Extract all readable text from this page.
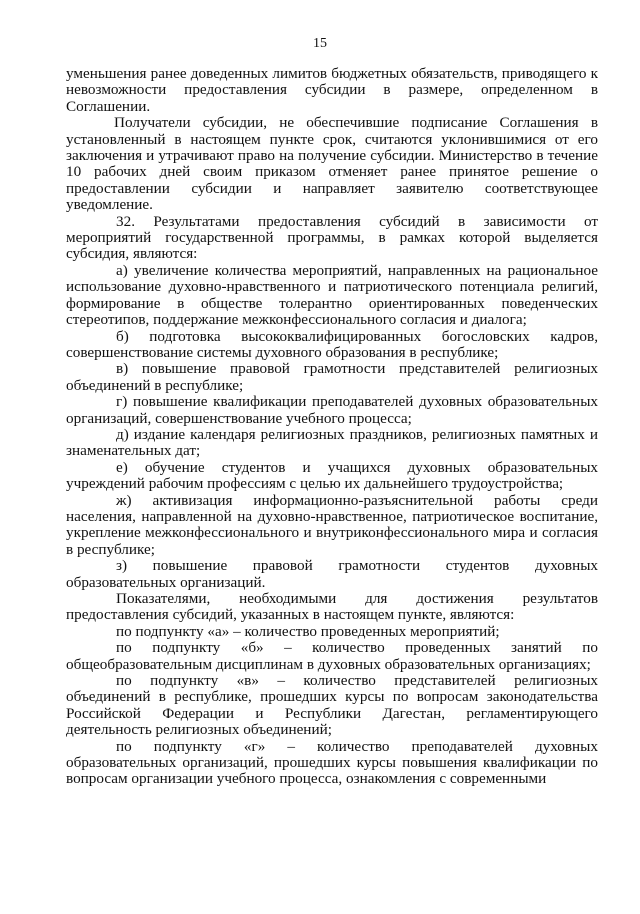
15

уменьшения ранее доведенных лимитов бюджетных обязательств, приводящего к невозможности предоставления субсидии в размере, определенном в Соглашении.

Получатели субсидии, не обеспечившие подписание Соглашения в установленный в настоящем пункте срок, считаются уклонившимися от его заключения и утрачивают право на получение субсидии. Министерство в течение 10 рабочих дней своим приказом отменяет ранее принятое решение о предоставлении субсидии и направляет заявителю соответствующее уведомление.

32. Результатами предоставления субсидий в зависимости от мероприятий государственной программы, в рамках которой выделяется субсидия, являются:

а) увеличение количества мероприятий, направленных на рациональное использование духовно-нравственного и патриотического потенциала религий, формирование в обществе толерантно ориентированных поведенческих стереотипов, поддержание межконфессионального согласия и диалога;

б) подготовка высококвалифицированных богословских кадров, совершенствование системы духовного образования в республике;

в) повышение правовой грамотности представителей религиозных объединений в республике;

г) повышение квалификации преподавателей духовных образовательных организаций, совершенствование учебного процесса;

д) издание календаря религиозных праздников, религиозных памятных и знаменательных дат;

е) обучение студентов и учащихся духовных образовательных учреждений рабочим профессиям с целью их дальнейшего трудоустройства;

ж) активизация информационно-разъяснительной работы среди населения, направленной на духовно-нравственное, патриотическое воспитание, укрепление межконфессионального и внутриконфессионального мира и согласия в республике;

з) повышение правовой грамотности студентов духовных образовательных организаций.

Показателями, необходимыми для достижения результатов предоставления субсидий, указанных в настоящем пункте, являются:

по подпункту «а» – количество проведенных мероприятий;

по подпункту «б» – количество проведенных занятий по общеобразовательным дисциплинам в духовных образовательных организациях;

по подпункту «в» – количество представителей религиозных объединений в республике, прошедших курсы по вопросам законодательства Российской Федерации и Республики Дагестан, регламентирующего деятельность религиозных объединений;

по подпункту «г» – количество преподавателей духовных образовательных организаций, прошедших курсы повышения квалификации по вопросам организации учебного процесса, ознакомления с современными
